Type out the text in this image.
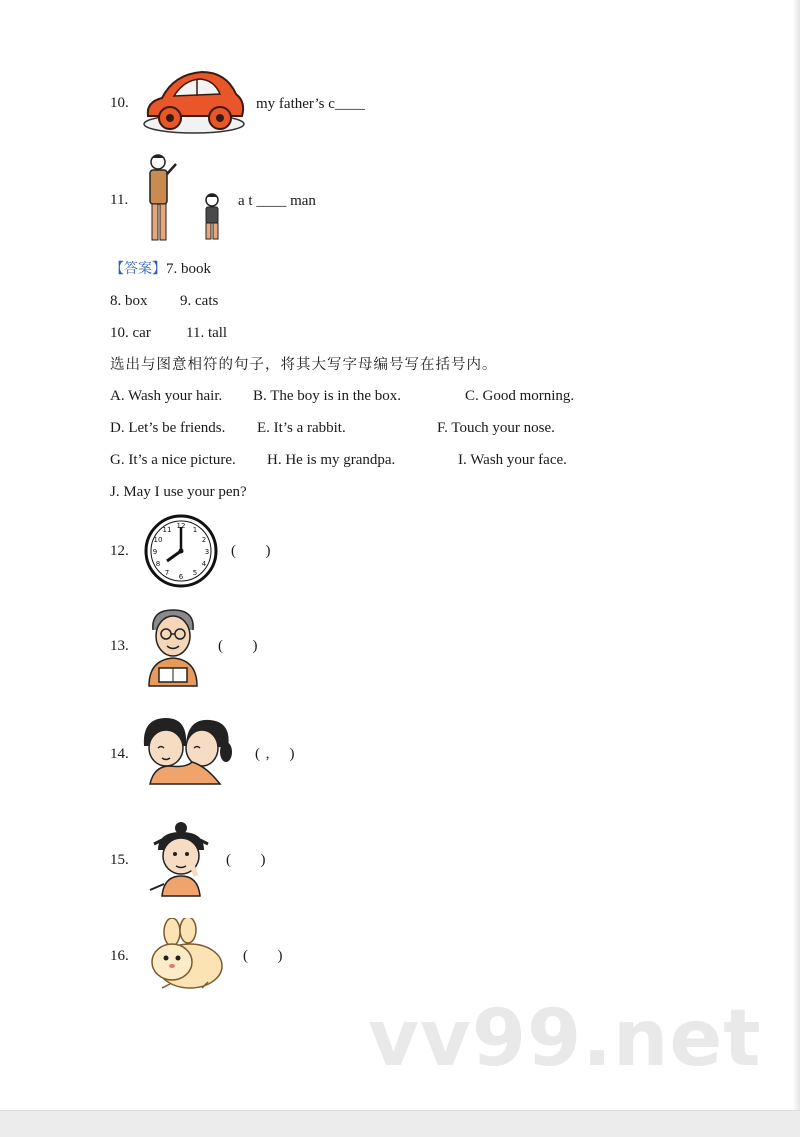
10.	my father’s c____
11.	a t ____ man
【答案】7. book
8. box 9. cats
10. car 11. tall
选出与图意相符的句子，将其大写字母编号写在括号内。
A. Wash your hair. B. The boy is in the box.	C. Good morning.
D. Let’s be friends. E. It’s a rabbit.	F. Touch your nose.
G. It’s a nice picture. H. He is my grandpa.	I. Wash your face.
J. May I use your pen?
12.
12 1
2
3
4
5
6
7
8
9
10
11
(      )
13.	(      )
14.	( ,    )
15.	(      )
16.	(      )
vv99.net
